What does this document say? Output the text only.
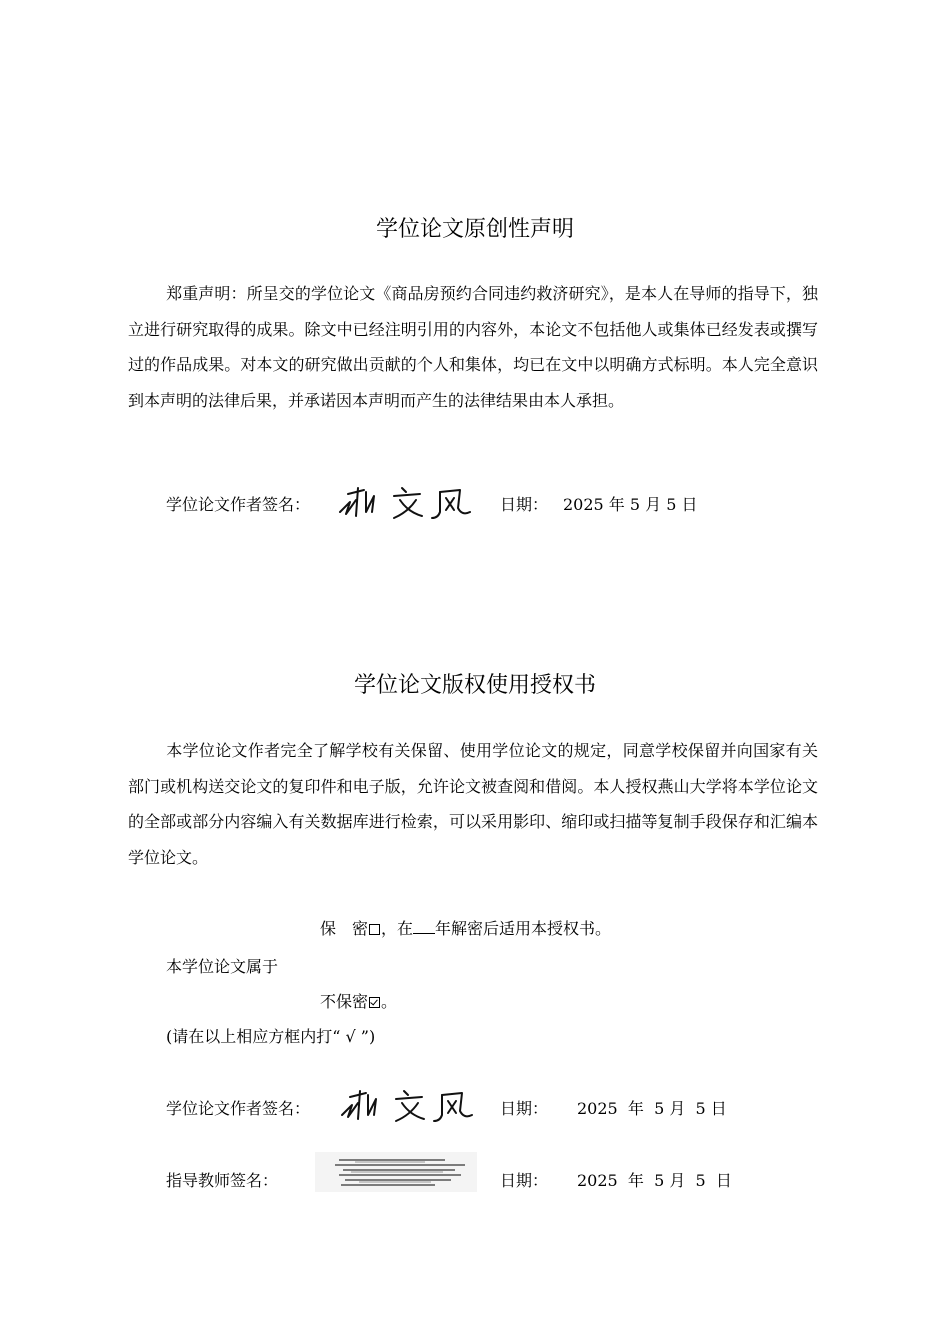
学位论文原创性声明
郑重声明：所呈交的学位论文《商品房预约合同违约救济研究》，是本人在导师的指导下，独立进行研究取得的成果。除文中已经注明引用的内容外，本论文不包括他人或集体已经发表或撰写过的作品成果。对本文的研究做出贡献的个人和集体，均已在文中以明确方式标明。本人完全意识到本声明的法律后果，并承诺因本声明而产生的法律结果由本人承担。
学位论文作者签名：	日期： 2025 年 5 月 5 日
学位论文版权使用授权书
本学位论文作者完全了解学校有关保留、使用学位论文的规定，同意学校保留并向国家有关部门或机构送交论文的复印件和电子版，允许论文被查阅和借阅。本人授权燕山大学将本学位论文的全部或部分内容编入有关数据库进行检索，可以采用影印、缩印或扫描等复制手段保存和汇编本学位论文。
保　密 ，在 年解密后适用本授权书。
本学位论文属于
不保密 。
(请在以上相应方框内打“ √ ”)
学位论文作者签名：	日期： 2025  年  5 月  5 日
指导教师签名：	日期： 2025  年  5 月  5  日
